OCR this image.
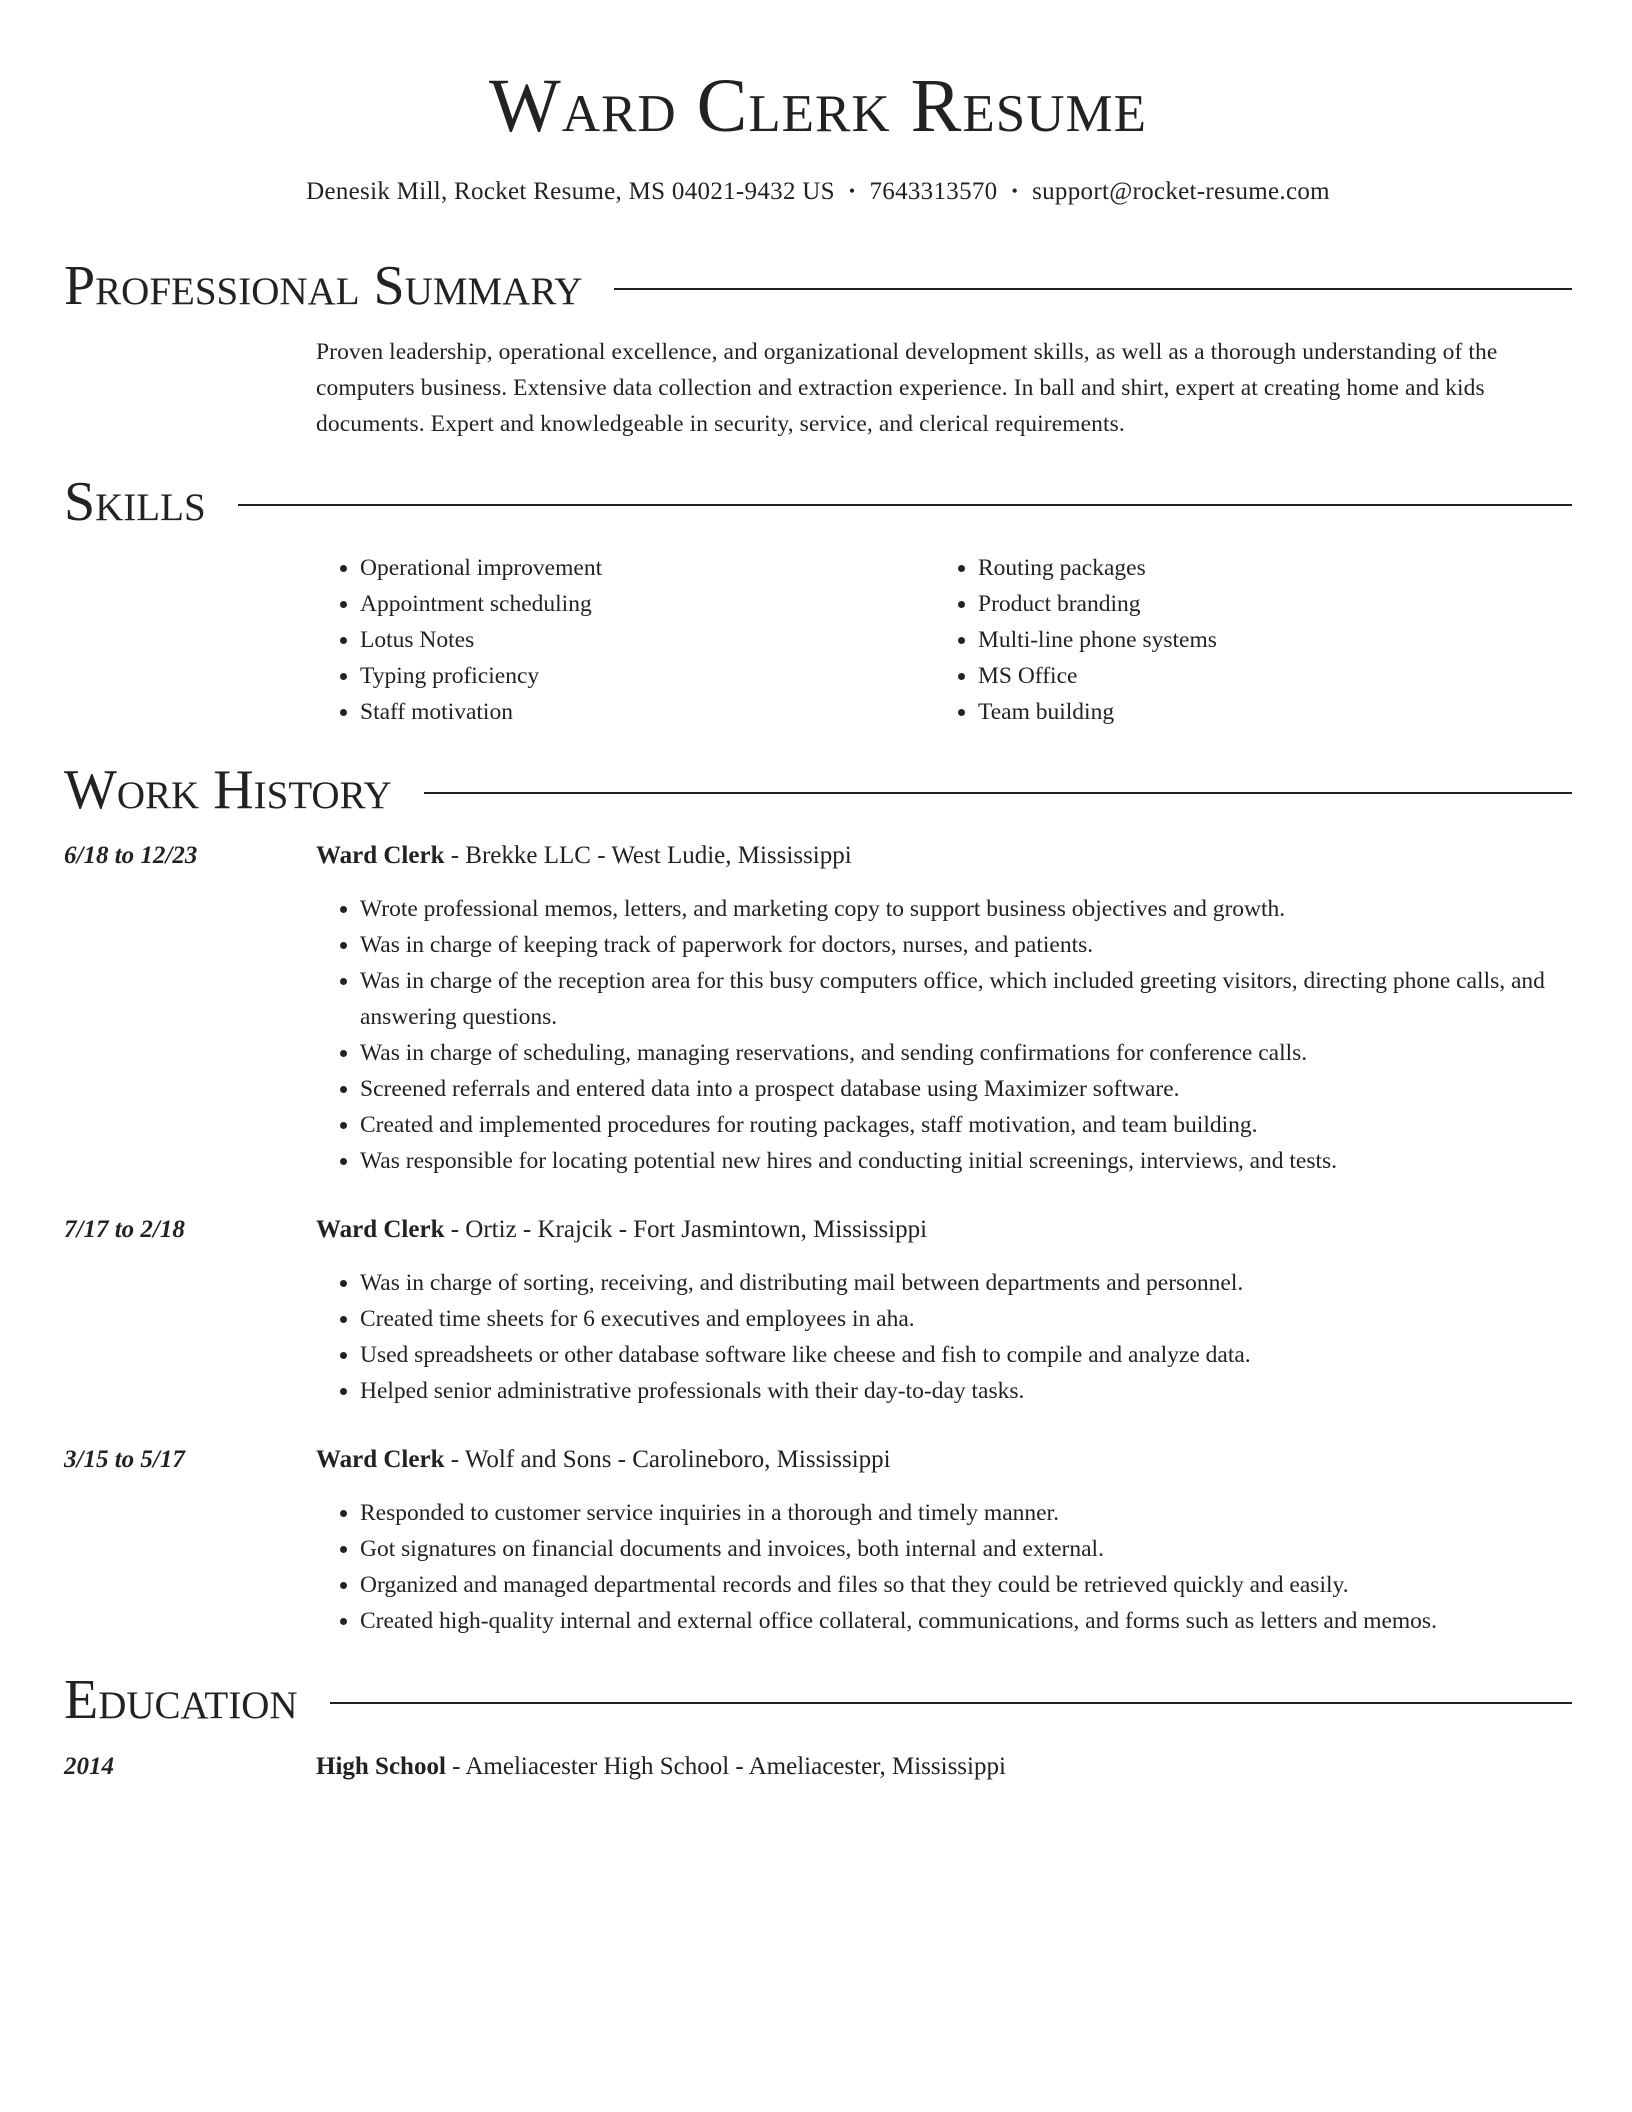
Ward Clerk Resume
Denesik Mill, Rocket Resume, MS 04021-9432 US • 7643313570 • support@rocket-resume.com
Professional Summary
Proven leadership, operational excellence, and organizational development skills, as well as a thorough understanding of the computers business. Extensive data collection and extraction experience. In ball and shirt, expert at creating home and kids documents. Expert and knowledgeable in security, service, and clerical requirements.
Skills
• Operational improvement
• Appointment scheduling
• Lotus Notes
• Typing proficiency
• Staff motivation
• Routing packages
• Product branding
• Multi-line phone systems
• MS Office
• Team building
Work History
6/18 to 12/23	Ward Clerk - Brekke LLC - West Ludie, Mississippi
• Wrote professional memos, letters, and marketing copy to support business objectives and growth.
• Was in charge of keeping track of paperwork for doctors, nurses, and patients.
• Was in charge of the reception area for this busy computers office, which included greeting visitors, directing phone calls, and answering questions.
• Was in charge of scheduling, managing reservations, and sending confirmations for conference calls.
• Screened referrals and entered data into a prospect database using Maximizer software.
• Created and implemented procedures for routing packages, staff motivation, and team building.
• Was responsible for locating potential new hires and conducting initial screenings, interviews, and tests.
7/17 to 2/18	Ward Clerk - Ortiz - Krajcik - Fort Jasmintown, Mississippi
• Was in charge of sorting, receiving, and distributing mail between departments and personnel.
• Created time sheets for 6 executives and employees in aha.
• Used spreadsheets or other database software like cheese and fish to compile and analyze data.
• Helped senior administrative professionals with their day-to-day tasks.
3/15 to 5/17	Ward Clerk - Wolf and Sons - Carolineboro, Mississippi
• Responded to customer service inquiries in a thorough and timely manner.
• Got signatures on financial documents and invoices, both internal and external.
• Organized and managed departmental records and files so that they could be retrieved quickly and easily.
• Created high-quality internal and external office collateral, communications, and forms such as letters and memos.
Education
2014	High School - Ameliacester High School - Ameliacester, Mississippi
